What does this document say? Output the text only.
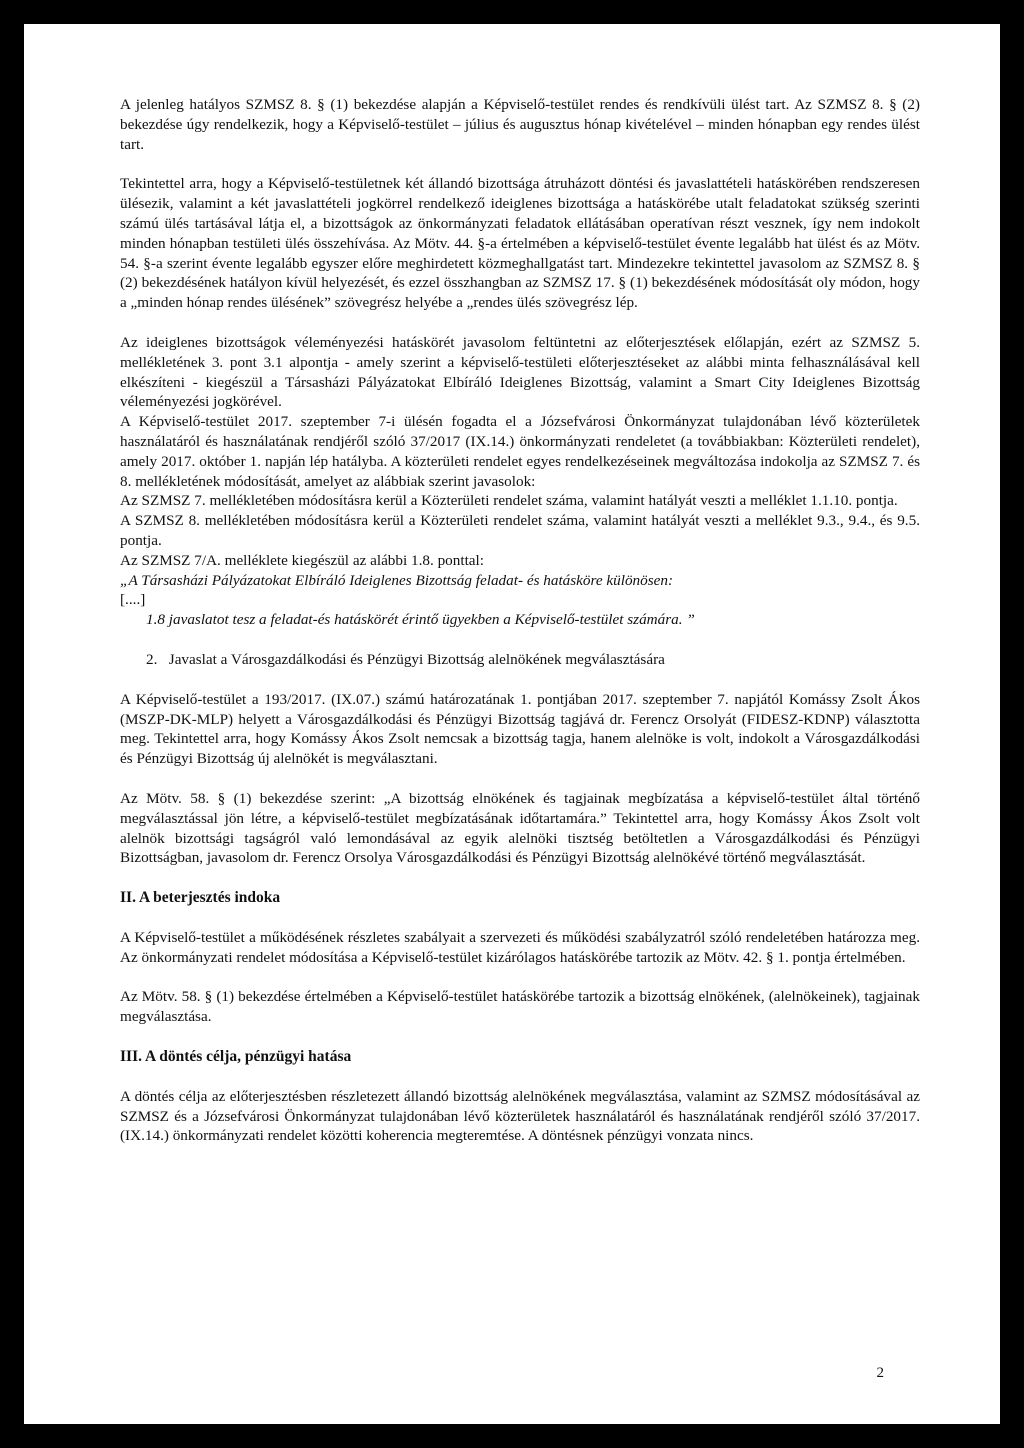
A jelenleg hatályos SZMSZ 8. § (1) bekezdése alapján a Képviselő-testület rendes és rendkívüli ülést tart. Az SZMSZ 8. § (2) bekezdése úgy rendelkezik, hogy a Képviselő-testület – július és augusztus hónap kivételével – minden hónapban egy rendes ülést tart.

Tekintettel arra, hogy a Képviselő-testületnek két állandó bizottsága átruházott döntési és javaslattételi hatáskörében rendszeresen ülésezik, valamint a két javaslattételi jogkörrel rendelkező ideiglenes bizottsága a hatáskörébe utalt feladatokat szükség szerinti számú ülés tartásával látja el, a bizottságok az önkormányzati feladatok ellátásában operatívan részt vesznek, így nem indokolt minden hónapban testületi ülés összehívása. Az Mötv. 44. §-a értelmében a képviselő-testület évente legalább hat ülést és az Mötv. 54. §-a szerint évente legalább egyszer előre meghirdetett közmeghallgatást tart. Mindezekre tekintettel javasolom az SZMSZ 8. § (2) bekezdésének hatályon kívül helyezését, és ezzel összhangban az SZMSZ 17. § (1) bekezdésének módosítását oly módon, hogy a „minden hónap rendes ülésének” szövegrész helyébe a „rendes ülés szövegrész lép.

Az ideiglenes bizottságok véleményezési hatáskörét javasolom feltüntetni az előterjesztések előlapján, ezért az SZMSZ 5. mellékletének 3. pont 3.1 alpontja - amely szerint a képviselő-testületi előterjesztéseket az alábbi minta felhasználásával kell elkészíteni - kiegészül a Társasházi Pályázatokat Elbíráló Ideiglenes Bizottság, valamint a Smart City Ideiglenes Bizottság véleményezési jogkörével.

A Képviselő-testület 2017. szeptember 7-i ülésén fogadta el a Józsefvárosi Önkormányzat tulajdonában lévő közterületek használatáról és használatának rendjéről szóló 37/2017 (IX.14.) önkormányzati rendeletet (a továbbiakban: Közterületi rendelet), amely 2017. október 1. napján lép hatályba. A közterületi rendelet egyes rendelkezéseinek megváltozása indokolja az SZMSZ 7. és 8. mellékletének módosítását, amelyet az alábbiak szerint javasolok:

Az SZMSZ 7. mellékletében módosításra kerül a Közterületi rendelet száma, valamint hatályát veszti a melléklet 1.1.10. pontja.

A SZMSZ 8. mellékletében módosításra kerül a Közterületi rendelet száma, valamint hatályát veszti a melléklet 9.3., 9.4., és 9.5. pontja.

Az SZMSZ 7/A. melléklete kiegészül az alábbi 1.8. ponttal:

„A Társasházi Pályázatokat Elbíráló Ideiglenes Bizottság feladat- és hatásköre különösen:

[....]

1.8 javaslatot tesz a feladat-és hatáskörét érintő ügyekben a Képviselő-testület számára. ”

2.   Javaslat a Városgazdálkodási és Pénzügyi Bizottság alelnökének megválasztására

A Képviselő-testület a 193/2017. (IX.07.) számú határozatának 1. pontjában 2017. szeptember 7. napjától Komássy Zsolt Ákos (MSZP-DK-MLP) helyett a Városgazdálkodási és Pénzügyi Bizottság tagjává dr. Ferencz Orsolyát (FIDESZ-KDNP) választotta meg. Tekintettel arra, hogy Komássy Ákos Zsolt nemcsak a bizottság tagja, hanem alelnöke is volt, indokolt a Városgazdálkodási és Pénzügyi Bizottság új alelnökét is megválasztani.

Az Mötv. 58. § (1) bekezdése szerint: „A bizottság elnökének és tagjainak megbízatása a képviselő-testület által történő megválasztással jön létre, a képviselő-testület megbízatásának időtartamára.” Tekintettel arra, hogy Komássy Ákos Zsolt volt alelnök bizottsági tagságról való lemondásával az egyik alelnöki tisztség betöltetlen a Városgazdálkodási és Pénzügyi Bizottságban, javasolom dr. Ferencz Orsolya Városgazdálkodási és Pénzügyi Bizottság alelnökévé történő megválasztását.

II. A beterjesztés indoka

A Képviselő-testület a működésének részletes szabályait a szervezeti és működési szabályzatról szóló rendeletében határozza meg. Az önkormányzati rendelet módosítása a Képviselő-testület kizárólagos hatáskörébe tartozik az Mötv. 42. § 1. pontja értelmében.

Az Mötv. 58. § (1) bekezdése értelmében a Képviselő-testület hatáskörébe tartozik a bizottság elnökének, (alelnökeinek), tagjainak megválasztása.

III. A döntés célja, pénzügyi hatása

A döntés célja az előterjesztésben részletezett állandó bizottság alelnökének megválasztása, valamint az SZMSZ módosításával az SZMSZ és a Józsefvárosi Önkormányzat tulajdonában lévő közterületek használatáról és használatának rendjéről szóló 37/2017. (IX.14.) önkormányzati rendelet közötti koherencia megteremtése. A döntésnek pénzügyi vonzata nincs.

2
